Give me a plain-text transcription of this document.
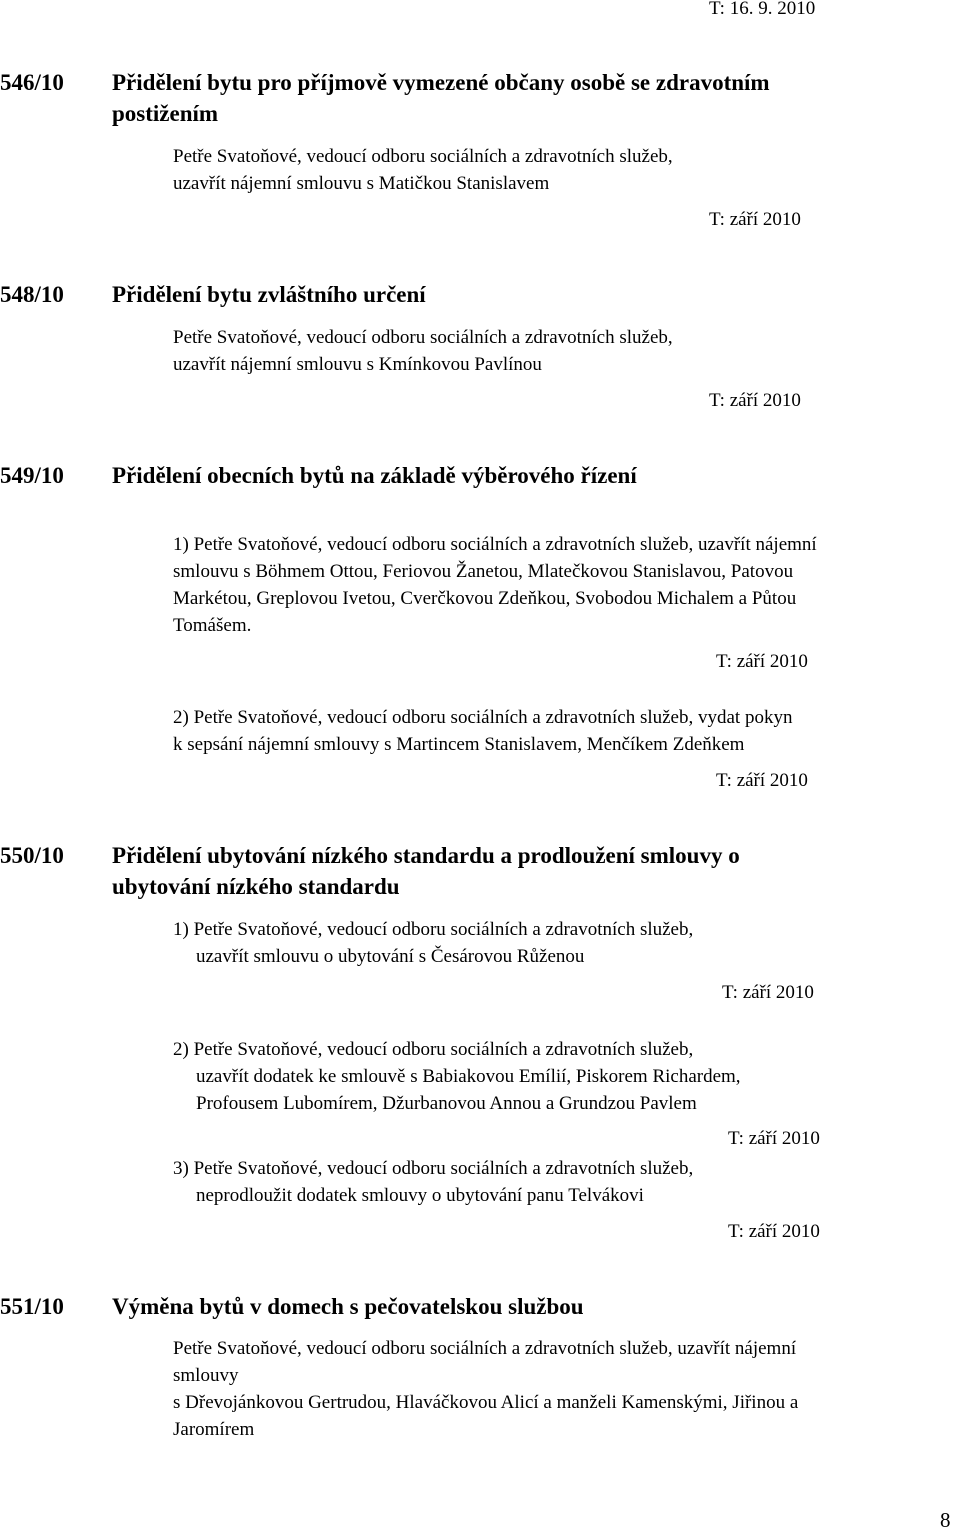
T: 16. 9. 2010
546/10 Přidělení bytu pro příjmově vymezené občany osobě se zdravotním
postižením
Petře Svatoňové, vedoucí odboru sociálních a zdravotních služeb,
uzavřít nájemní smlouvu s Matičkou Stanislavem
T: září 2010
548/10 Přidělení bytu zvláštního určení
Petře Svatoňové, vedoucí odboru sociálních a zdravotních služeb,
uzavřít nájemní smlouvu s Kmínkovou Pavlínou
T: září 2010
549/10 Přidělení obecních bytů na základě výběrového řízení
1) Petře Svatoňové, vedoucí odboru sociálních a zdravotních služeb, uzavřít nájemní
smlouvu s Böhmem Ottou, Feriovou Žanetou, Mlatečkovou Stanislavou, Patovou
Markétou, Greplovou Ivetou, Cverčkovou Zdeňkou, Svobodou Michalem a Půtou
Tomášem.
T: září 2010
2) Petře Svatoňové, vedoucí odboru sociálních a zdravotních služeb, vydat pokyn
k sepsání nájemní smlouvy s Martincem Stanislavem, Menčíkem Zdeňkem
T: září 2010
550/10 Přidělení ubytování nízkého standardu a prodloužení smlouvy o
ubytování nízkého standardu
1) Petře Svatoňové, vedoucí odboru sociálních a zdravotních služeb,
uzavřít smlouvu o ubytování s Česárovou Růženou
T: září 2010
2) Petře Svatoňové, vedoucí odboru sociálních a zdravotních služeb,
uzavřít dodatek ke smlouvě s Babiakovou Emílií, Piskorem Richardem,
Profousem Lubomírem, Džurbanovou Annou a Grundzou Pavlem
T: září 2010
3) Petře Svatoňové, vedoucí odboru sociálních a zdravotních služeb,
neprodloužit dodatek smlouvy o ubytování panu Telvákovi
T: září 2010
551/10 Výměna bytů v domech s pečovatelskou službou
Petře Svatoňové, vedoucí odboru sociálních a zdravotních služeb, uzavřít nájemní
smlouvy
s Dřevojánkovou Gertrudou, Hlaváčkovou Alicí a manželi Kamenskými, Jiřinou a
Jaromírem
8
